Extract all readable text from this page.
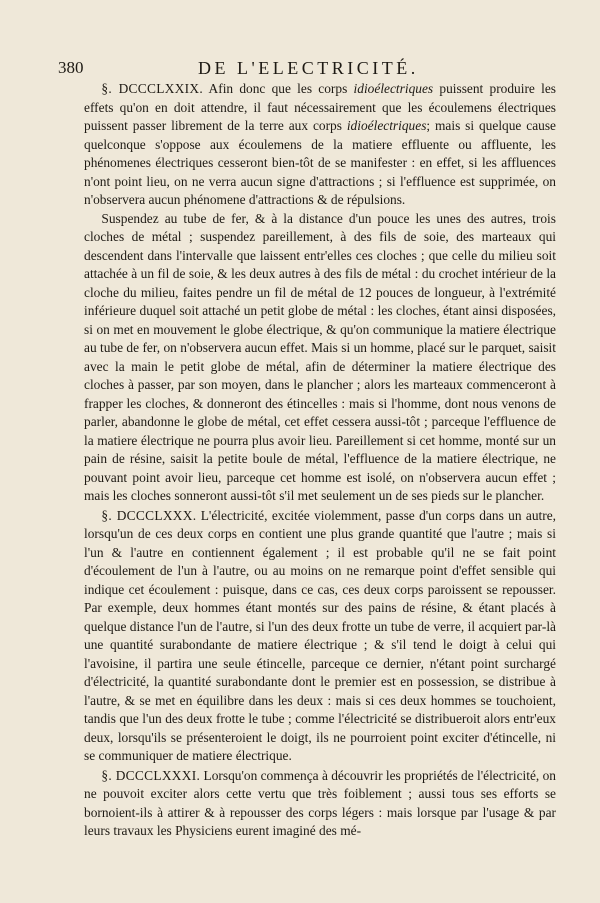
380	DE L'ELECTRICITÉ.

§. DCCCLXXIX. Afin donc que les corps idioélectriques puissent produire les effets qu'on en doit attendre, il faut nécessairement que les écoulemens électriques puissent passer librement de la terre aux corps idioélectriques; mais si quelque cause quelconque s'oppose aux écoulemens de la matiere effluente ou affluente, les phénomenes électriques cesseront bien-tôt de se manifester : en effet, si les affluences n'ont point lieu, on ne verra aucun signe d'attractions ; si l'effluence est supprimée, on n'observera aucun phénomene d'attractions & de répulsions.

Suspendez au tube de fer, & à la distance d'un pouce les unes des autres, trois cloches de métal ; suspendez pareillement, à des fils de soie, des marteaux qui descendent dans l'intervalle que laissent entr'elles ces cloches ; que celle du milieu soit attachée à un fil de soie, & les deux autres à des fils de métal : du crochet intérieur de la cloche du milieu, faites pendre un fil de métal de 12 pouces de longueur, à l'extrémité inférieure duquel soit attaché un petit globe de métal : les cloches, étant ainsi disposées, si on met en mouvement le globe électrique, & qu'on communique la matiere électrique au tube de fer, on n'observera aucun effet. Mais si un homme, placé sur le parquet, saisit avec la main le petit globe de métal, afin de déterminer la matiere électrique des cloches à passer, par son moyen, dans le plancher ; alors les marteaux commenceront à frapper les cloches, & donneront des étincelles : mais si l'homme, dont nous venons de parler, abandonne le globe de métal, cet effet cessera aussi-tôt ; parceque l'effluence de la matiere électrique ne pourra plus avoir lieu. Pareillement si cet homme, monté sur un pain de résine, saisit la petite boule de métal, l'effluence de la matiere électrique, ne pouvant point avoir lieu, parceque cet homme est isolé, on n'observera aucun effet ; mais les cloches sonneront aussi-tôt s'il met seulement un de ses pieds sur le plancher.

§. DCCCLXXX. L'électricité, excitée violemment, passe d'un corps dans un autre, lorsqu'un de ces deux corps en contient une plus grande quantité que l'autre ; mais si l'un & l'autre en contiennent également ; il est probable qu'il ne se fait point d'écoulement de l'un à l'autre, ou au moins on ne remarque point d'effet sensible qui indique cet écoulement : puisque, dans ce cas, ces deux corps paroissent se repousser. Par exemple, deux hommes étant montés sur des pains de résine, & étant placés à quelque distance l'un de l'autre, si l'un des deux frotte un tube de verre, il acquiert par-là une quantité surabondante de matiere électrique ; & s'il tend le doigt à celui qui l'avoisine, il partira une seule étincelle, parceque ce dernier, n'étant point surchargé d'électricité, la quantité surabondante dont le premier est en possession, se distribue à l'autre, & se met en équilibre dans les deux : mais si ces deux hommes se touchoient, tandis que l'un des deux frotte le tube ; comme l'électricité se distribueroit alors entr'eux deux, lorsqu'ils se présenteroient le doigt, ils ne pourroient point exciter d'étincelle, ni se communiquer de matiere électrique.

§. DCCCLXXXI. Lorsqu'on commença à découvrir les propriétés de l'électricité, on ne pouvoit exciter alors cette vertu que très foiblement ; aussi tous ses efforts se bornoient-ils à attirer & à repousser des corps légers : mais lorsque par l'usage & par leurs travaux les Physiciens eurent imaginé des mé-
